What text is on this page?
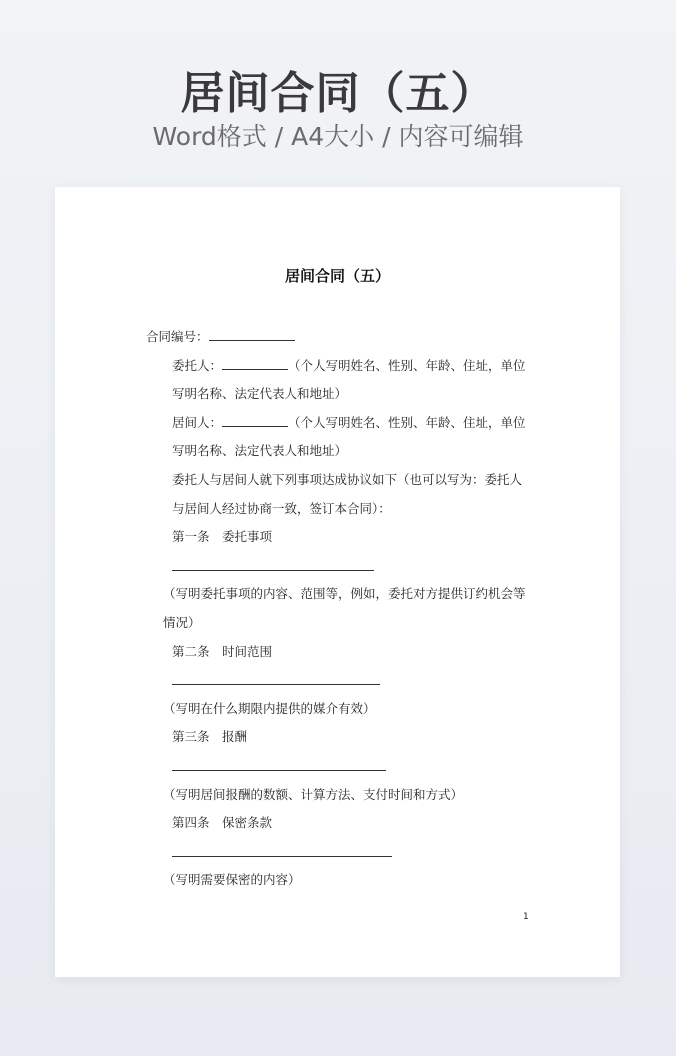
居间合同（五）
Word格式 / A4大小 / 内容可编辑
居间合同（五）
合同编号：
委托人：	（个人写明姓名、性别、年龄、住址，单位写明名称、法定代表人和地址）
居间人：	（个人写明姓名、性别、年龄、住址，单位写明名称、法定代表人和地址）
委托人与居间人就下列事项达成协议如下（也可以写为：委托人与居间人经过协商一致，签订本合同）：
第一条　委托事项
（写明委托事项的内容、范围等，例如，委托对方提供订约机会等情况）
第二条　时间范围
（写明在什么期限内提供的媒介有效）
第三条　报酬
（写明居间报酬的数额、计算方法、支付时间和方式）
第四条　保密条款
（写明需要保密的内容）
1
